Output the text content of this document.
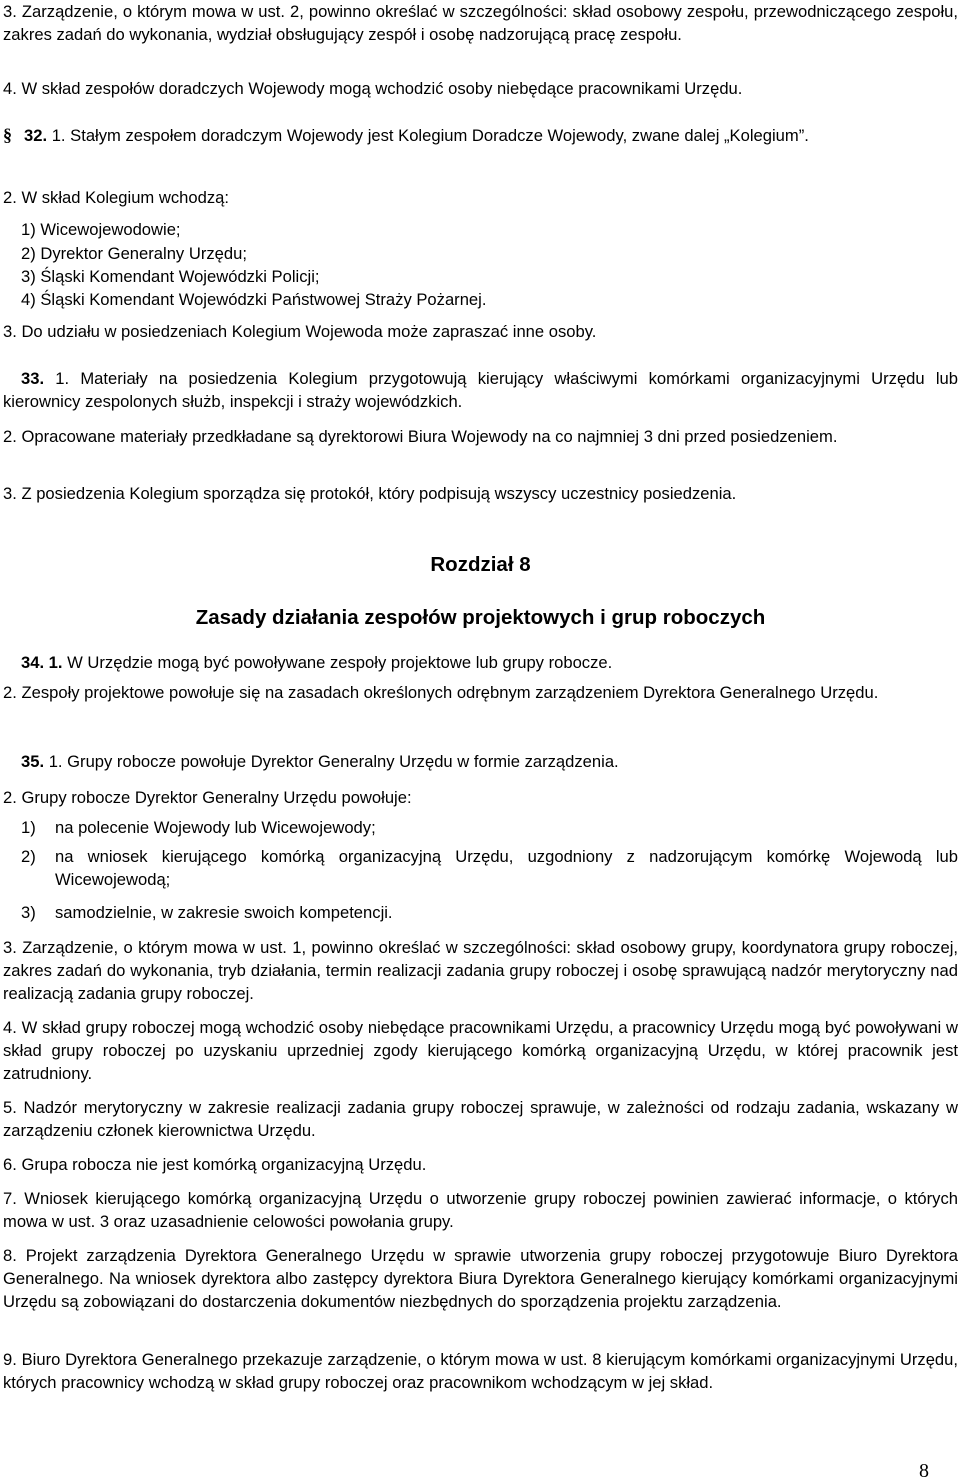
3. Zarządzenie, o którym mowa w ust. 2, powinno określać w szczególności: skład osobowy zespołu, przewodniczącego zespołu, zakres zadań do wykonania, wydział obsługujący zespół i osobę nadzorującą pracę zespołu.

4. W skład zespołów doradczych Wojewody mogą wchodzić osoby niebędące pracownikami Urzędu.

§ 32. 1. Stałym zespołem doradczym Wojewody jest Kolegium Doradcze Wojewody, zwane dalej „Kolegium”.

2. W skład Kolegium wchodzą:

1) Wicewojewodowie;

2) Dyrektor Generalny Urzędu;

3) Śląski Komendant Wojewódzki Policji;

4) Śląski Komendant Wojewódzki Państwowej Straży Pożarnej.

3. Do udziału w posiedzeniach Kolegium Wojewoda może zapraszać inne osoby.

33. 1. Materiały na posiedzenia Kolegium przygotowują kierujący właściwymi komórkami organizacyjnymi Urzędu lub kierownicy zespolonych służb, inspekcji i straży wojewódzkich.

2. Opracowane materiały przedkładane są dyrektorowi Biura Wojewody na co najmniej 3 dni przed posiedzeniem.

3. Z posiedzenia Kolegium sporządza się protokół, który podpisują wszyscy uczestnicy posiedzenia.

Rozdział 8

Zasady działania zespołów projektowych i grup roboczych

34. 1. W Urzędzie mogą być powoływane zespoły projektowe lub grupy robocze.

2. Zespoły projektowe powołuje się na zasadach określonych odrębnym zarządzeniem Dyrektora Generalnego Urzędu.

35. 1. Grupy robocze powołuje Dyrektor Generalny Urzędu w formie zarządzenia.

2. Grupy robocze Dyrektor Generalny Urzędu powołuje:

1) na polecenie Wojewody lub Wicewojewody;
2) na wniosek kierującego komórką organizacyjną Urzędu, uzgodniony z nadzorującym komórkę Wojewodą lub Wicewojewodą;
3) samodzielnie, w zakresie swoich kompetencji.

3. Zarządzenie, o którym mowa w ust. 1, powinno określać w szczególności: skład osobowy grupy, koordynatora grupy roboczej, zakres zadań do wykonania, tryb działania, termin realizacji zadania grupy roboczej i osobę sprawującą nadzór merytoryczny nad realizacją zadania grupy roboczej.

4. W skład grupy roboczej mogą wchodzić osoby niebędące pracownikami Urzędu, a pracownicy Urzędu mogą być powoływani w skład grupy roboczej po uzyskaniu uprzedniej zgody kierującego komórką organizacyjną Urzędu, w której pracownik jest zatrudniony.

5. Nadzór merytoryczny w zakresie realizacji zadania grupy roboczej sprawuje, w zależności od rodzaju zadania, wskazany w zarządzeniu członek kierownictwa Urzędu.

6. Grupa robocza nie jest komórką organizacyjną Urzędu.

7. Wniosek kierującego komórką organizacyjną Urzędu o utworzenie grupy roboczej powinien zawierać informacje, o których mowa w ust. 3 oraz uzasadnienie celowości powołania grupy.

8. Projekt zarządzenia Dyrektora Generalnego Urzędu w sprawie utworzenia grupy roboczej przygotowuje Biuro Dyrektora Generalnego. Na wniosek dyrektora albo zastępcy dyrektora Biura Dyrektora Generalnego kierujący komórkami organizacyjnymi Urzędu są zobowiązani do dostarczenia dokumentów niezbędnych do sporządzenia projektu zarządzenia.

9. Biuro Dyrektora Generalnego przekazuje zarządzenie, o którym mowa w ust. 8 kierującym komórkami organizacyjnymi Urzędu, których pracownicy wchodzą w skład grupy roboczej oraz pracownikom wchodzącym w jej skład.

8
